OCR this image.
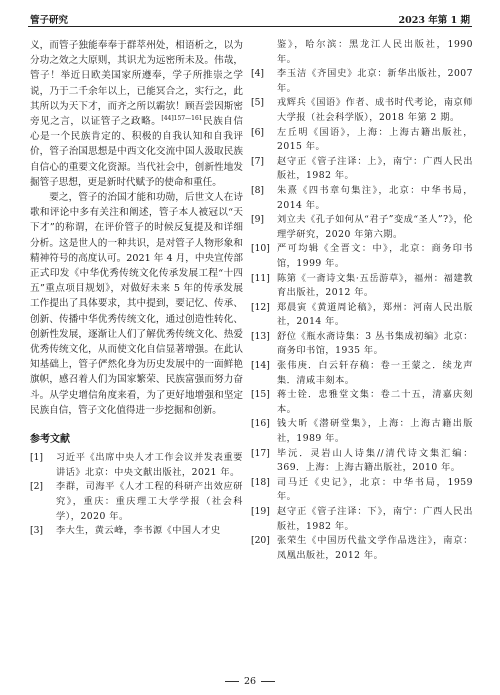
管子研究	2023 年第 1 期

义，而管子独能奉奉于群萃州处，相语析之，以为分功之效之大原则，其识尤为远密所未及。伟哉，管子！举近日欧美国家所遵奉，学子所推崇之学说，乃于二千余年以上，已能冥合之，实行之，此其所以为天下才，而齐之所以霸欤！顾吾尝因斯密旁见之言，以证管子之政略。$^{[44]157—161}$民族自信心是一个民族肯定的、积极的自我认知和自我评价，管子治国思想是中西文化交流中国人汲取民族自信心的重要文化资源。当代社会中，创新性地发掘管子思想，更是新时代赋予的使命和重任。

要之，管子的治国才能和功勋，后世文人在诗歌和评论中多有关注和阐述，管子本人被冠以“天下才”的称谓，在评价管子的时候反复提及和详细分析。这是世人的一种共识，是对管子人物形象和精神符号的高度认可。2021 年 4 月，中央宣传部正式印发《中华优秀传统文化传承发展工程“十四五”重点项目规划》，对做好未来 5 年的传承发展工作提出了具体要求，其中提到，要记忆、传承、创新、传播中华优秀传统文化，通过创造性转化、创新性发展，逐渐让人们了解优秀传统文化、热爱优秀传统文化，从而使文化自信显著增强。在此认知基础上，管子俨然化身为历史发展中的一面鲜艳旗帜，感召着人们为国家繁荣、民族富强而努力奋斗。从学史增信角度来看，为了更好地增强和坚定民族自信，管子文化值得进一步挖掘和创新。

参考文献
[1]	习近平《出席中央人才工作会议并发表重要讲话》北京：中央文献出版社，2021 年。
[2]	李群，司海平《人才工程的科研产出效应研究》，重庆：重庆理工大学学报（社会科学），2020 年。
[3]	李大生，黄云峰，李书源《中国人才史
鉴》，哈尔滨：黑龙江人民出版社，1990 年。
[4]	李玉洁《齐国史》北京：新华出版社，2007 年。
[5]	戎辉兵《国语》作者、成书时代考论，南京师大学报（社会科学版），2018 年第 2 期。
[6]	左丘明《国语》，上海：上海古籍出版社，2015 年。
[7]	赵守正《管子注译：上》，南宁：广西人民出版社，1982 年。
[8]	朱熹《四书章句集注》，北京：中华书局，2014 年。
[9]	刘立夫《孔子如何从“君子”变成“圣人”?》，伦理学研究，2020 年第六期。
[10] 严可均辑《全晋文：中》，北京：商务印书馆，1999 年。
[11] 陈第《一斋诗文集·五岳游草》，福州：福建教育出版社，2012 年。
[12] 郑晨寅《黄道周论稿》，郑州：河南人民出版社，2014 年。
[13] 舒位《瓶水斋诗集：3 丛书集成初编》北京：商务印书馆，1935 年。
[14] 张伟庚．白云轩存稿：卷一王蒙之．续龙声集．清咸丰刻本。
[15] 蒋士铨．忠雅堂文集：卷二十五，清嘉庆刻本。
[16] 钱大昕《潜研堂集》，上海：上海古籍出版社，1989 年。
[17] 毕沅．灵岩山人诗集//清代诗文集汇编：369．上海：上海古籍出版社，2010 年。
[18] 司马迁《史记》，北京：中华书局，1959 年。
[19] 赵守正《管子注译：下》，南宁：广西人民出版社，1982 年。
[20] 张荣生《中国历代盐文学作品选注》，南京：凤凰出版社，2012 年。
26
